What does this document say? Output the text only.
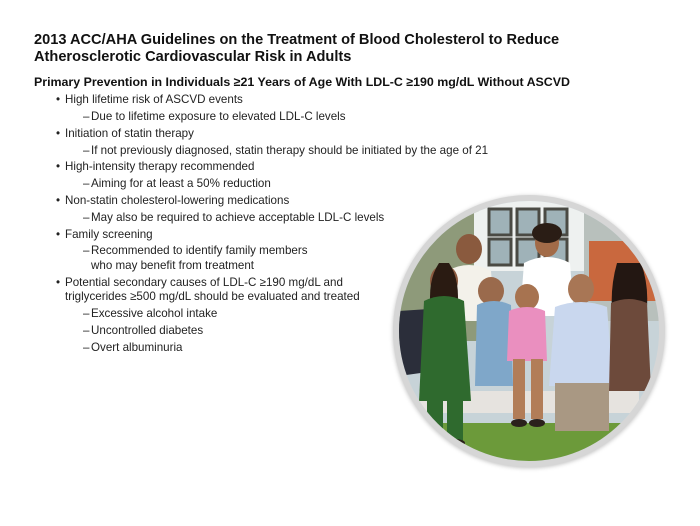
2013 ACC/AHA Guidelines on the Treatment of Blood Cholesterol to Reduce
Atherosclerotic Cardiovascular Risk in Adults
Primary Prevention in Individuals ≥21 Years of Age With LDL-C ≥190 mg/dL Without ASCVD
• High lifetime risk of ASCVD events
– Due to lifetime exposure to elevated LDL-C levels
• Initiation of statin therapy
– If not previously diagnosed, statin therapy should be initiated by the age of 21
• High-intensity therapy recommended
– Aiming for at least a 50% reduction
• Non-statin cholesterol-lowering medications
– May also be required to achieve acceptable LDL-C levels
• Family screening
– Recommended to identify family members
who may benefit from treatment
• Potential secondary causes of LDL-C ≥190 mg/dL and
triglycerides ≥500 mg/dL should be evaluated and treated
– Excessive alcohol intake
– Uncontrolled diabetes
– Overt albuminuria
